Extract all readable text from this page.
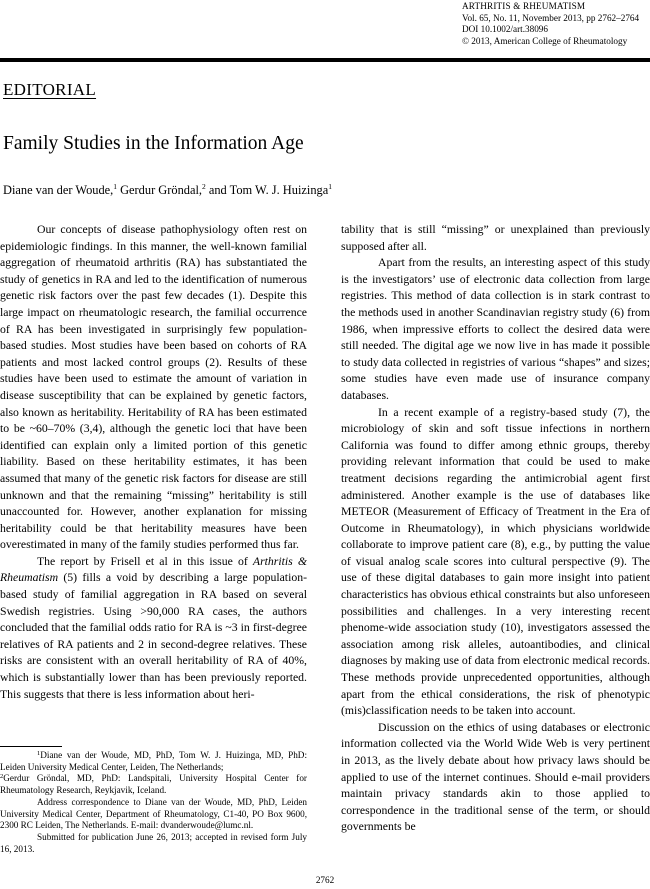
ARTHRITIS & RHEUMATISM
Vol. 65, No. 11, November 2013, pp 2762–2764
DOI 10.1002/art.38096
© 2013, American College of Rheumatology
EDITORIAL
Family Studies in the Information Age
Diane van der Woude,$^1$ Gerdur Gröndal,$^2$ and Tom W. J. Huizinga$^1$

Our concepts of disease pathophysiology often rest on epidemiologic findings. In this manner, the well-known familial aggregation of rheumatoid arthritis (RA) has substantiated the study of genetics in RA and led to the identification of numerous genetic risk factors over the past few decades (1). Despite this large impact on rheumatologic research, the familial occurrence of RA has been investigated in surprisingly few population-based studies. Most studies have been based on cohorts of RA patients and most lacked control groups (2). Results of these studies have been used to estimate the amount of variation in disease susceptibility that can be explained by genetic factors, also known as heritability. Heritability of RA has been estimated to be ~60–70% (3,4), although the genetic loci that have been identified can explain only a limited portion of this genetic liability. Based on these heritability estimates, it has been assumed that many of the genetic risk factors for disease are still unknown and that the remaining “missing” heritability is still unaccounted for. However, another explanation for missing heritability could be that heritability measures have been overestimated in many of the family studies performed thus far.

The report by Frisell et al in this issue of Arthritis & Rheumatism (5) fills a void by describing a large population-based study of familial aggregation in RA based on several Swedish registries. Using >90,000 RA cases, the authors concluded that the familial odds ratio for RA is ~3 in first-degree relatives of RA patients and 2 in second-degree relatives. These risks are consistent with an overall heritability of RA of 40%, which is substantially lower than has been previously reported. This suggests that there is less information about heri-

tability that is still “missing” or unexplained than previously supposed after all.

Apart from the results, an interesting aspect of this study is the investigators’ use of electronic data collection from large registries. This method of data collection is in stark contrast to the methods used in another Scandinavian registry study (6) from 1986, when impressive efforts to collect the desired data were still needed. The digital age we now live in has made it possible to study data collected in registries of various “shapes” and sizes; some studies have even made use of insurance company databases.

In a recent example of a registry-based study (7), the microbiology of skin and soft tissue infections in northern California was found to differ among ethnic groups, thereby providing relevant information that could be used to make treatment decisions regarding the antimicrobial agent first administered. Another example is the use of databases like METEOR (Measurement of Efficacy of Treatment in the Era of Outcome in Rheumatology), in which physicians worldwide collaborate to improve patient care (8), e.g., by putting the value of visual analog scale scores into cultural perspective (9). The use of these digital databases to gain more insight into patient characteristics has obvious ethical constraints but also unforeseen possibilities and challenges. In a very interesting recent phenome-wide association study (10), investigators assessed the association among risk alleles, autoantibodies, and clinical diagnoses by making use of data from electronic medical records. These methods provide unprecedented opportunities, although apart from the ethical considerations, the risk of phenotypic (mis)classification needs to be taken into account.

Discussion on the ethics of using databases or electronic information collected via the World Wide Web is very pertinent in 2013, as the lively debate about how privacy laws should be applied to use of the internet continues. Should e-mail providers maintain privacy standards akin to those applied to correspondence in the traditional sense of the term, or should governments be

$^1$Diane van der Woude, MD, PhD, Tom W. J. Huizinga, MD, PhD: Leiden University Medical Center, Leiden, The Netherlands;

$^2$Gerdur Gröndal, MD, PhD: Landspitali, University Hospital Center for Rheumatology Research, Reykjavik, Iceland.

Address correspondence to Diane van der Woude, MD, PhD, Leiden University Medical Center, Department of Rheumatology, C1-40, PO Box 9600, 2300 RC Leiden, The Netherlands. E-mail: dvanderwoude@lumc.nl.

Submitted for publication June 26, 2013; accepted in revised form July 16, 2013.

2762
